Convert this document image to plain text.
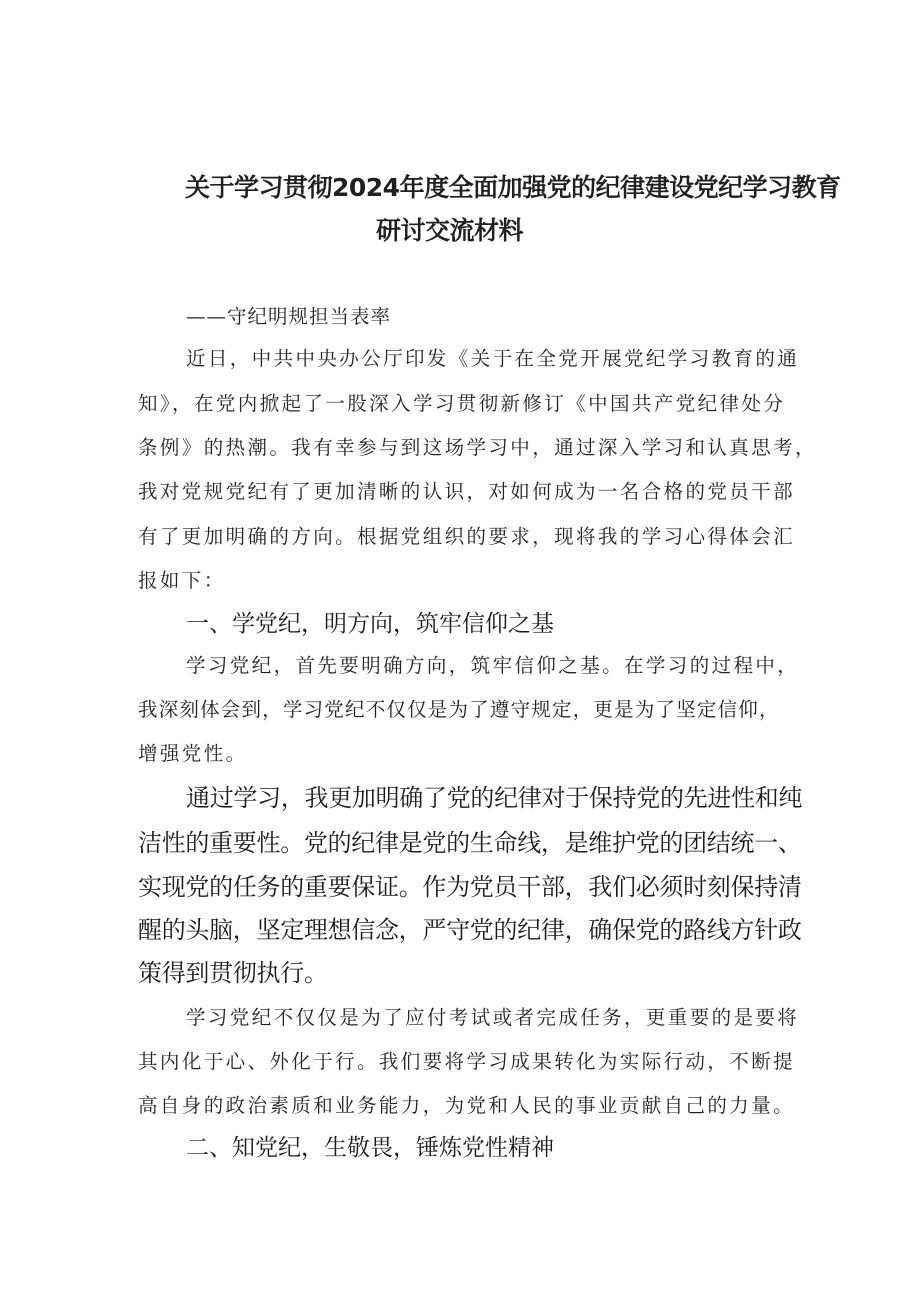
关于学习贯彻2024年度全面加强党的纪律建设党纪学习教育
研讨交流材料
——守纪明规担当表率
近日，中共中央办公厅印发《关于在全党开展党纪学习教育的通
知》，在党内掀起了一股深入学习贯彻新修订《中国共产党纪律处分
条例》的热潮。我有幸参与到这场学习中，通过深入学习和认真思考，
我对党规党纪有了更加清晰的认识，对如何成为一名合格的党员干部
有了更加明确的方向。根据党组织的要求，现将我的学习心得体会汇
报如下：
一、学党纪，明方向，筑牢信仰之基
学习党纪，首先要明确方向，筑牢信仰之基。在学习的过程中，
我深刻体会到，学习党纪不仅仅是为了遵守规定，更是为了坚定信仰，
增强党性。
通过学习，我更加明确了党的纪律对于保持党的先进性和纯
洁性的重要性。党的纪律是党的生命线，是维护党的团结统一、
实现党的任务的重要保证。作为党员干部，我们必须时刻保持清
醒的头脑，坚定理想信念，严守党的纪律，确保党的路线方针政
策得到贯彻执行。
学习党纪不仅仅是为了应付考试或者完成任务，更重要的是要将
其内化于心、外化于行。我们要将学习成果转化为实际行动，不断提
高自身的政治素质和业务能力，为党和人民的事业贡献自己的力量。
二、知党纪，生敬畏，锤炼党性精神
